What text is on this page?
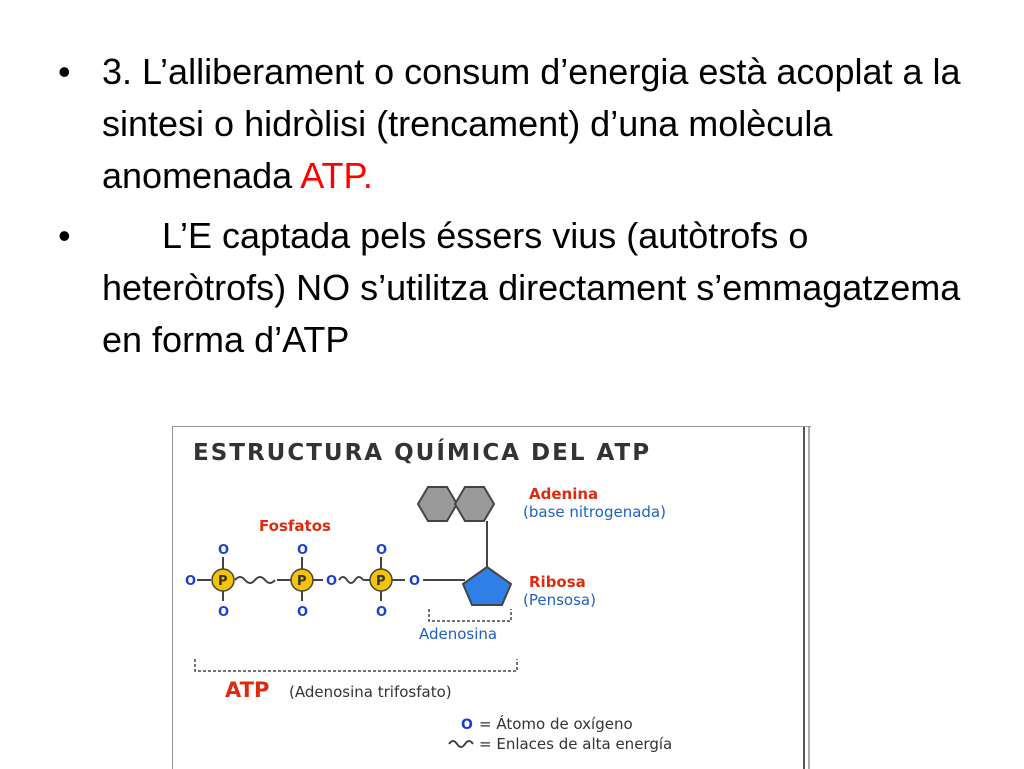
• 3. L’alliberament o consum d’energia està acoplat a la sintesi o hidròlisi (trencament) d’una molècula anomenada ATP.
•	L’E captada pels éssers vius (autòtrofs o heteròtrofs) NO s’utilitza directament s’emmagatzema en forma d’ATP
ESTRUCTURA QUÍMICA DEL ATP
Adenina
(base nitrogenada)
Ribosa
(Pensosa)
Fosfatos
O
O
P
O
O
P
O
O
O
P
O
O
Adenosina
ATP (Adenosina trifosfato)
O = Átomo de oxígeno
= Enlaces de alta energía
